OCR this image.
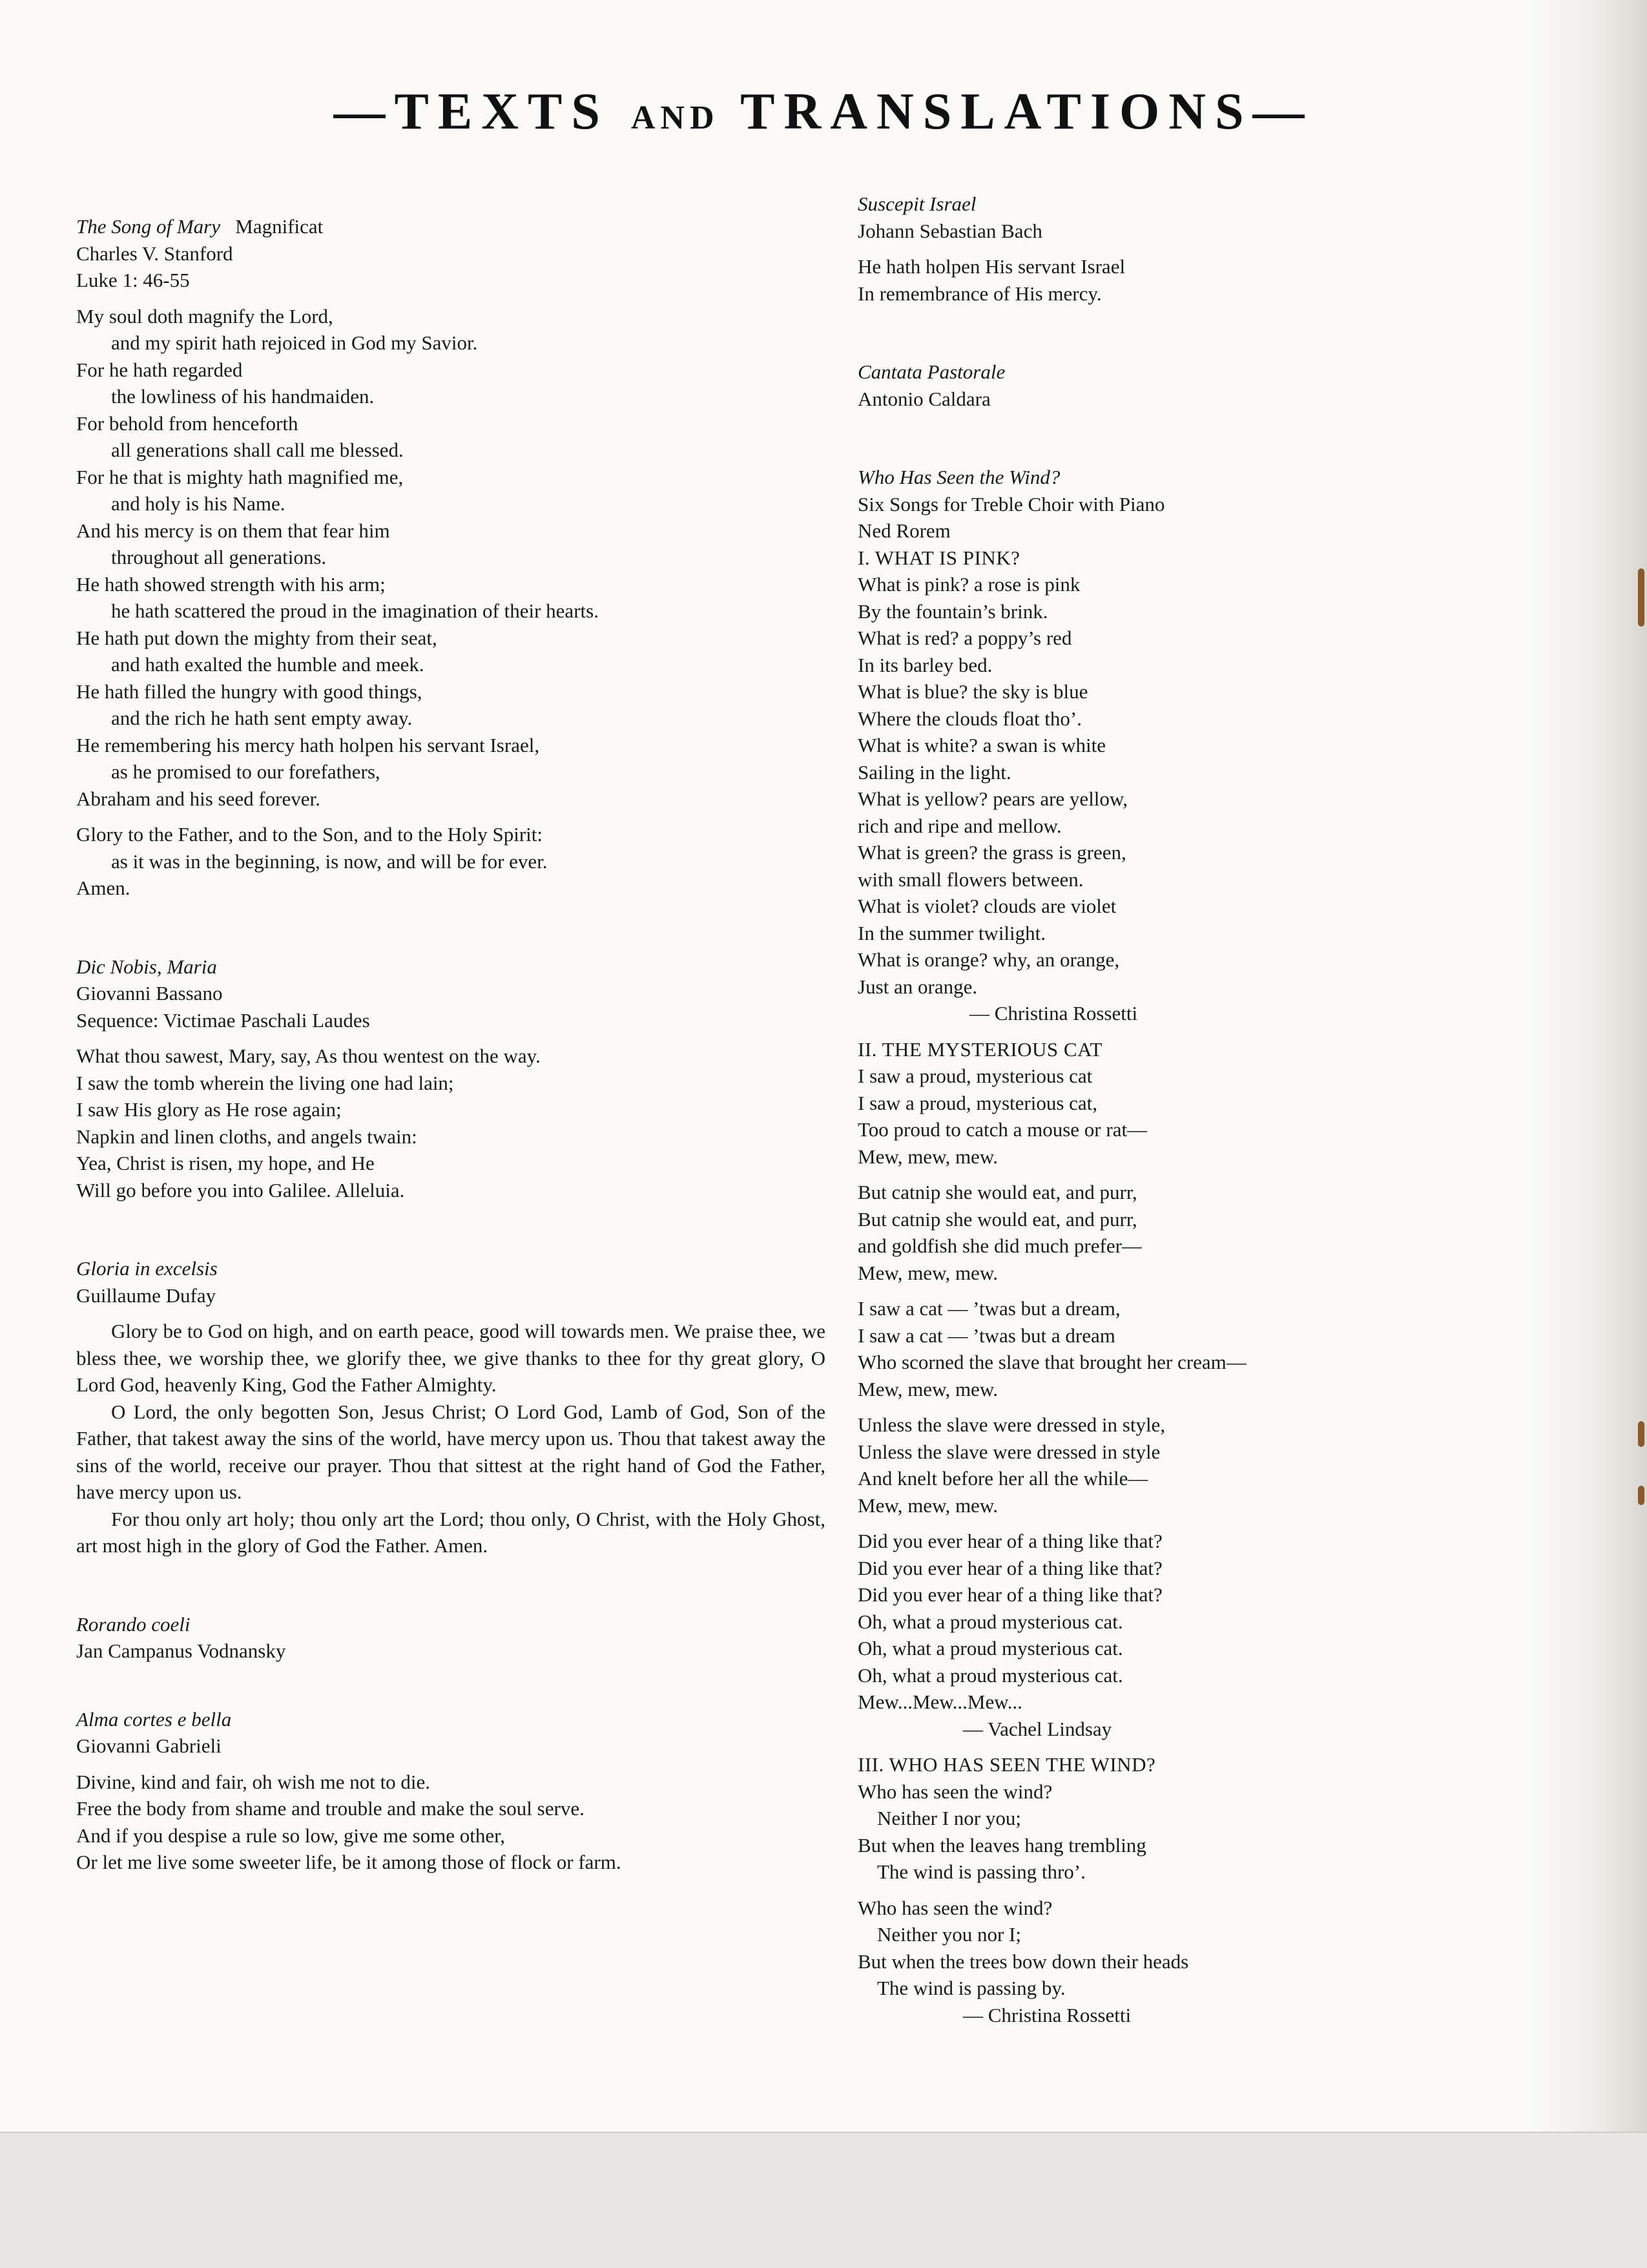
—TEXTS AND TRANSLATIONS—
The Song of Mary Magnificat
Charles V. Stanford
Luke 1: 46-55
My soul doth magnify the Lord,
and my spirit hath rejoiced in God my Savior.
For he hath regarded
the lowliness of his handmaiden.
For behold from henceforth
all generations shall call me blessed.
For he that is mighty hath magnified me,
and holy is his Name.
And his mercy is on them that fear him
throughout all generations.
He hath showed strength with his arm;
he hath scattered the proud in the imagination of their hearts.
He hath put down the mighty from their seat,
and hath exalted the humble and meek.
He hath filled the hungry with good things,
and the rich he hath sent empty away.
He remembering his mercy hath holpen his servant Israel,
as he promised to our forefathers,
Abraham and his seed forever.
Glory to the Father, and to the Son, and to the Holy Spirit:
as it was in the beginning, is now, and will be for ever.
Amen.
Dic Nobis, Maria
Giovanni Bassano
Sequence: Victimae Paschali Laudes
What thou sawest, Mary, say, As thou wentest on the way.
I saw the tomb wherein the living one had lain;
I saw His glory as He rose again;
Napkin and linen cloths, and angels twain:
Yea, Christ is risen, my hope, and He
Will go before you into Galilee. Alleluia.
Gloria in excelsis
Guillaume Dufay
Glory be to God on high, and on earth peace, good will towards men. We praise thee, we bless thee, we worship thee, we glorify thee, we give thanks to thee for thy great glory, O Lord God, heavenly King, God the Father Almighty.
O Lord, the only begotten Son, Jesus Christ; O Lord God, Lamb of God, Son of the Father, that takest away the sins of the world, have mercy upon us. Thou that takest away the sins of the world, receive our prayer. Thou that sittest at the right hand of God the Father, have mercy upon us.
For thou only art holy; thou only art the Lord; thou only, O Christ, with the Holy Ghost, art most high in the glory of God the Father. Amen.
Rorando coeli
Jan Campanus Vodnansky
Alma cortes e bella
Giovanni Gabrieli
Divine, kind and fair, oh wish me not to die.
Free the body from shame and trouble and make the soul serve.
And if you despise a rule so low, give me some other,
Or let me live some sweeter life, be it among those of flock or farm.
Suscepit Israel
Johann Sebastian Bach
He hath holpen His servant Israel
In remembrance of His mercy.
Cantata Pastorale
Antonio Caldara
Who Has Seen the Wind?
Six Songs for Treble Choir with Piano
Ned Rorem
I. WHAT IS PINK?
What is pink? a rose is pink
By the fountain’s brink.
What is red? a poppy’s red
In its barley bed.
What is blue? the sky is blue
Where the clouds float tho’.
What is white? a swan is white
Sailing in the light.
What is yellow? pears are yellow,
rich and ripe and mellow.
What is green? the grass is green,
with small flowers between.
What is violet? clouds are violet
In the summer twilight.
What is orange? why, an orange,
Just an orange.
— Christina Rossetti
II. THE MYSTERIOUS CAT
I saw a proud, mysterious cat
I saw a proud, mysterious cat,
Too proud to catch a mouse or rat—
Mew, mew, mew.
But catnip she would eat, and purr,
But catnip she would eat, and purr,
and goldfish she did much prefer—
Mew, mew, mew.
I saw a cat — ’twas but a dream,
I saw a cat — ’twas but a dream
Who scorned the slave that brought her cream—
Mew, mew, mew.
Unless the slave were dressed in style,
Unless the slave were dressed in style
And knelt before her all the while—
Mew, mew, mew.
Did you ever hear of a thing like that?
Did you ever hear of a thing like that?
Did you ever hear of a thing like that?
Oh, what a proud mysterious cat.
Oh, what a proud mysterious cat.
Oh, what a proud mysterious cat.
Mew...Mew...Mew...
— Vachel Lindsay
III. WHO HAS SEEN THE WIND?
Who has seen the wind?
Neither I nor you;
But when the leaves hang trembling
The wind is passing thro’.
Who has seen the wind?
Neither you nor I;
But when the trees bow down their heads
The wind is passing by.
— Christina Rossetti
